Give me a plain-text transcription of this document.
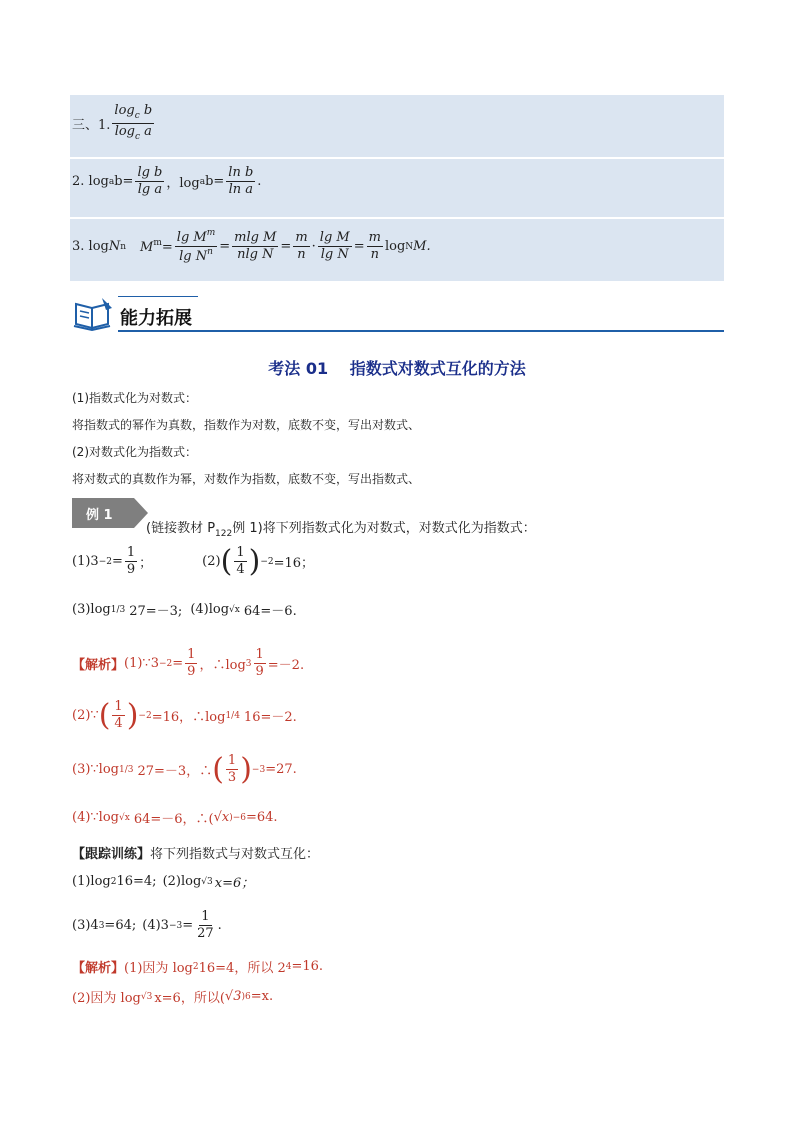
三、1. $\frac{\log_c b}{\log_c a}$
2. log a $b= \frac{\text{lg b}}{\text{lg a}}$ ，log a $b= \frac{\text{ln b}}{\text{ln a}}$ .
3. log N n $M^m= \frac{\lg M^m}{\lg N^n} = \frac{\text{mlg M}}{\text{nlg N}} = \frac{m}{n} \cdot \frac{\text{lg M}}{\text{lg N}} = \frac{m}{n}$ log N M.
能力拓展
考法 01　 指数式对数式互化的方法
(1)指数式化为对数式：
将指数式的幂作为真数，指数作为对数，底数不变，写出对数式、
(2)对数式化为指数式：
将对数式的真数作为幂，对数作为指数，底数不变，写出指数式、
例 1
(链接教材 $P_{122}$例 1)将下列指数式化为对数式，对数式化为指数式：
$(1)3 -2 = \frac{1}{9}$ ；	(2) ( $\frac{1}{4}$ ) −2 =16；
(3)log 1/3 27=－3; (4)log √x 64=－6.
【解析】 (1)∵3 $-2 = \frac{1}{9}$ ，∴log $3 \frac{1}{9} =-2$.
(2)∵ ( $\frac{1}{4}$ ) −2 =16，∴log 1/4 16=－2.
(3)∵log 1/3 27=－3，∴ ( $\frac{1}{3}$ ) −3 =27.
(4)∵log √x 64=－6，∴( √x )−6 =64.
【跟踪训练】 将下列指数式与对数式互化：
(1)log 2 16=4; (2)log √3 x=6；
(3)4 3 =64; $(4)3 -3 = \frac{1}{27}$ .
【解析】 (1)因为 log 2 16=4，所以 2 4 =16.
(2)因为 log √3 x=6，所以( √3 )6 =x.
